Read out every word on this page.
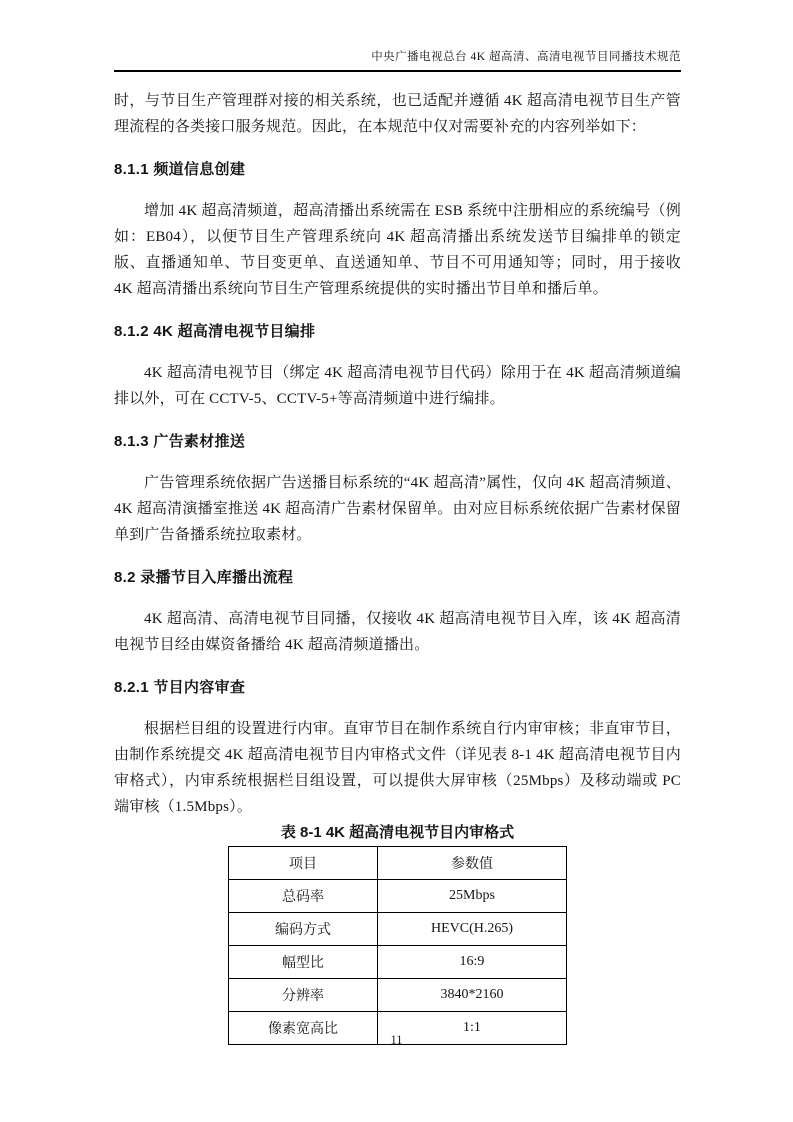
中央广播电视总台 4K 超高清、高清电视节目同播技术规范

时，与节目生产管理群对接的相关系统，也已适配并遵循 4K 超高清电视节目生产管理流程的各类接口服务规范。因此，在本规范中仅对需要补充的内容列举如下：

8.1.1 频道信息创建

增加 4K 超高清频道，超高清播出系统需在 ESB 系统中注册相应的系统编号（例如：EB04），以便节目生产管理系统向 4K 超高清播出系统发送节目编排单的锁定版、直播通知单、节目变更单、直送通知单、节目不可用通知等；同时，用于接收 4K 超高清播出系统向节目生产管理系统提供的实时播出节目单和播后单。

8.1.2 4K 超高清电视节目编排

4K 超高清电视节目（绑定 4K 超高清电视节目代码）除用于在 4K 超高清频道编排以外，可在 CCTV-5、CCTV-5+等高清频道中进行编排。

8.1.3 广告素材推送

广告管理系统依据广告送播目标系统的“4K 超高清”属性，仅向 4K 超高清频道、4K 超高清演播室推送 4K 超高清广告素材保留单。由对应目标系统依据广告素材保留单到广告备播系统拉取素材。

8.2 录播节目入库播出流程

4K 超高清、高清电视节目同播，仅接收 4K 超高清电视节目入库，该 4K 超高清电视节目经由媒资备播给 4K 超高清频道播出。

8.2.1 节目内容审查

根据栏目组的设置进行内审。直审节目在制作系统自行内审审核；非直审节目，由制作系统提交 4K 超高清电视节目内审格式文件（详见表 8-1 4K 超高清电视节目内审格式），内审系统根据栏目组设置，可以提供大屏审核（25Mbps）及移动端或 PC 端审核（1.5Mbps）。

表 8-1 4K 超高清电视节目内审格式
项目	参数值
总码率	25Mbps
编码方式	HEVC(H.265)
幅型比	16:9
分辨率	3840*2160
像素宽高比	1:1
11
